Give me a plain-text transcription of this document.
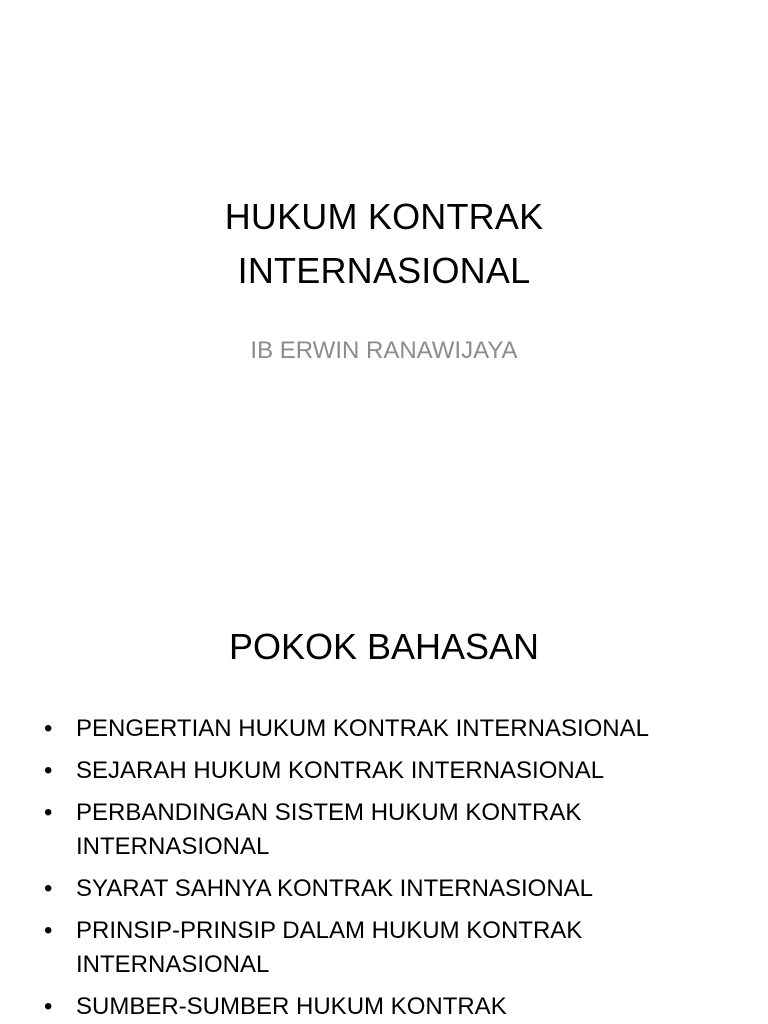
HUKUM KONTRAK
INTERNASIONAL
IB ERWIN RANAWIJAYA
POKOK BAHASAN
• PENGERTIAN HUKUM KONTRAK INTERNASIONAL
• SEJARAH HUKUM KONTRAK INTERNASIONAL
• PERBANDINGAN SISTEM HUKUM KONTRAK INTERNASIONAL
• SYARAT SAHNYA KONTRAK INTERNASIONAL
• PRINSIP-PRINSIP DALAM HUKUM KONTRAK INTERNASIONAL
• SUMBER-SUMBER HUKUM KONTRAK
